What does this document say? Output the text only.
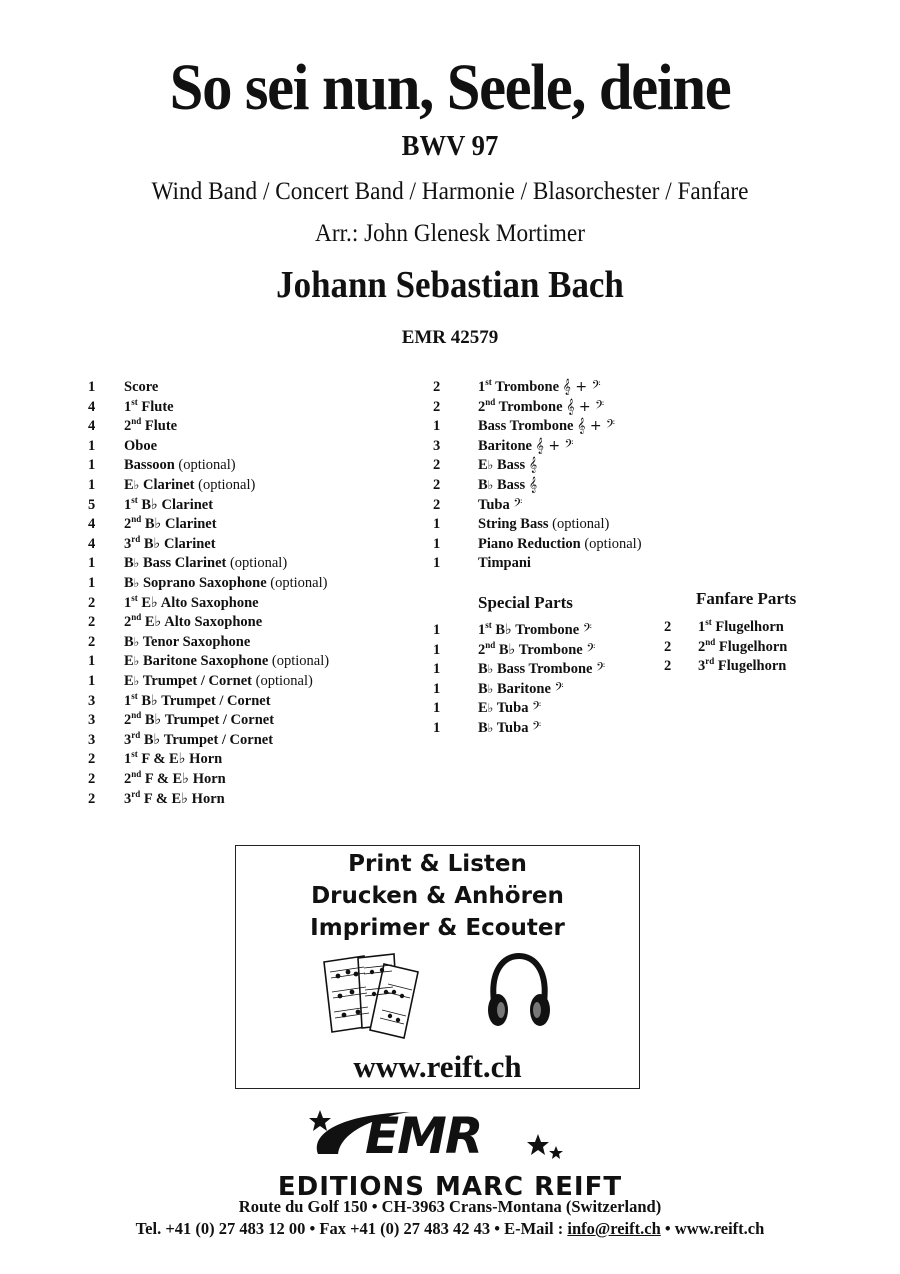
So sei nun, Seele, deine
BWV 97
Wind Band / Concert Band / Harmonie / Blasorchester / Fanfare
Arr.: John Glenesk Mortimer
Johann Sebastian Bach
EMR 42579
1 Score
4 1st Flute
4 2nd Flute
1 Oboe
1 Bassoon (optional)
1 E♭ Clarinet (optional)
5 1st B♭ Clarinet
4 2nd B♭ Clarinet
4 3rd B♭ Clarinet
1 B♭ Bass Clarinet (optional)
1 B♭ Soprano Saxophone (optional)
2 1st E♭ Alto Saxophone
2 2nd E♭ Alto Saxophone
2 B♭ Tenor Saxophone
1 E♭ Baritone Saxophone (optional)
1 E♭ Trumpet / Cornet (optional)
3 1st B♭ Trumpet / Cornet
3 2nd B♭ Trumpet / Cornet
3 3rd B♭ Trumpet / Cornet
2 1st F & E♭ Horn
2 2nd F & E♭ Horn
2 3rd F & E♭ Horn
2	1st Trombone 𝄞 + 𝄢
2	2nd Trombone 𝄞 + 𝄢
1	Bass Trombone 𝄞 + 𝄢
3	Baritone 𝄞 + 𝄢
2	E♭ Bass 𝄞
2	B♭ Bass 𝄞
2	Tuba 𝄢
1	String Bass (optional)
1	Piano Reduction (optional)
1	Timpani
Special Parts
1	1st B♭ Trombone 𝄢
1	2nd B♭ Trombone 𝄢
1	B♭ Bass Trombone 𝄢
1	B♭ Baritone 𝄢
1	E♭ Tuba 𝄢
1	B♭ Tuba 𝄢
Fanfare Parts
2 1st Flugelhorn
2 2nd Flugelhorn
2 3rd Flugelhorn
Print & Listen
Drucken & Anhören
Imprimer & Ecouter
www.reift.ch
EMR
EDITIONS MARC REIFT
Route du Golf 150 • CH-3963 Crans-Montana (Switzerland)
Tel. +41 (0) 27 483 12 00 • Fax +41 (0) 27 483 42 43 • E-Mail : info@reift.ch • www.reift.ch
